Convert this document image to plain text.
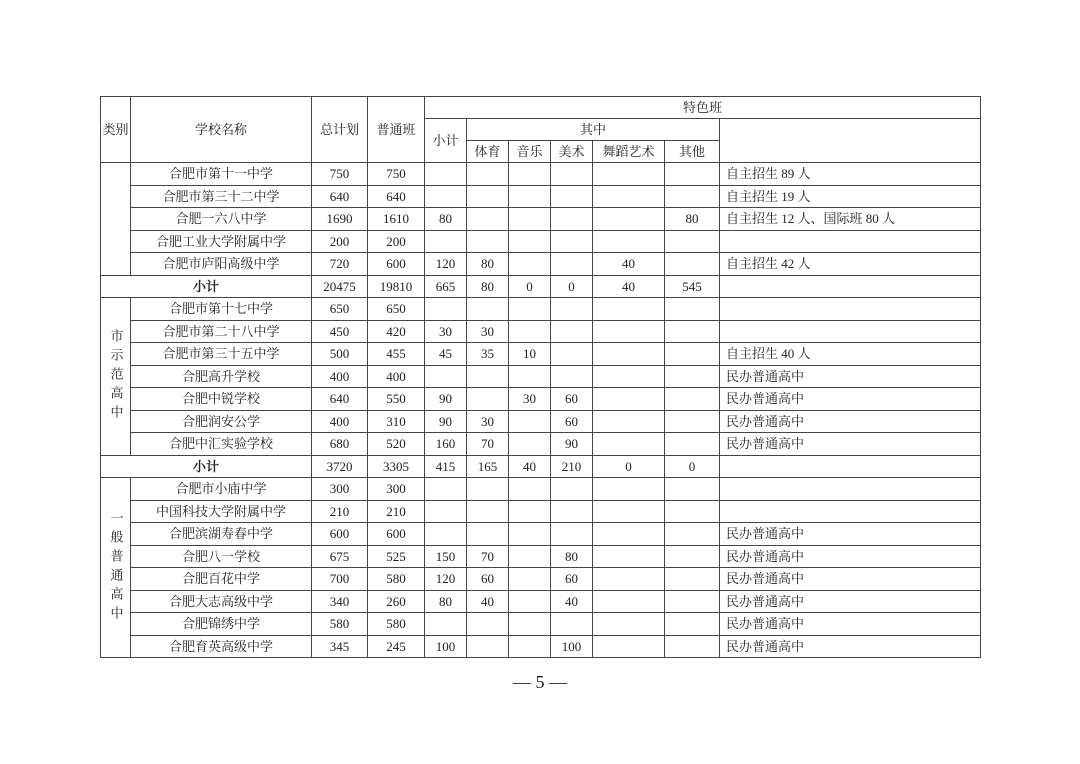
类别	学校名称	总计划	普通班	特色班	
				小计	其中						
					体育	音乐	美术	舞蹈艺术	其他		
	合肥市第十一中学	750	750							自主招生 89 人	
	合肥市第三十二中学	640	640							自主招生 19 人	
	合肥一六八中学	1690	1610	80					80	自主招生 12 人、国际班 80 人	
	合肥工业大学附属中学	200	200								
	合肥市庐阳高级中学	720	600	120	80			40		自主招生 42 人	
小计		20475	19810	665	80	0	0	40	545		
市示范高中	合肥市第十七中学	650	650								
	合肥市第二十八中学	450	420	30	30						
	合肥市第三十五中学	500	455	45	35	10				自主招生 40 人	
	合肥高升学校	400	400							民办普通高中	
	合肥中锐学校	640	550	90		30	60			民办普通高中	
	合肥润安公学	400	310	90	30		60			民办普通高中	
	合肥中汇实验学校	680	520	160	70		90			民办普通高中	
小计		3720	3305	415	165	40	210	0	0		
一般普通高中	合肥市小庙中学	300	300								
	中国科技大学附属中学	210	210								
	合肥滨湖寿春中学	600	600							民办普通高中	
	合肥八一学校	675	525	150	70		80			民办普通高中	
	合肥百花中学	700	580	120	60		60			民办普通高中	
	合肥大志高级中学	340	260	80	40		40			民办普通高中	
	合肥锦绣中学	580	580							民办普通高中	
	合肥育英高级中学	345	245	100			100			民办普通高中	
— 5 —
